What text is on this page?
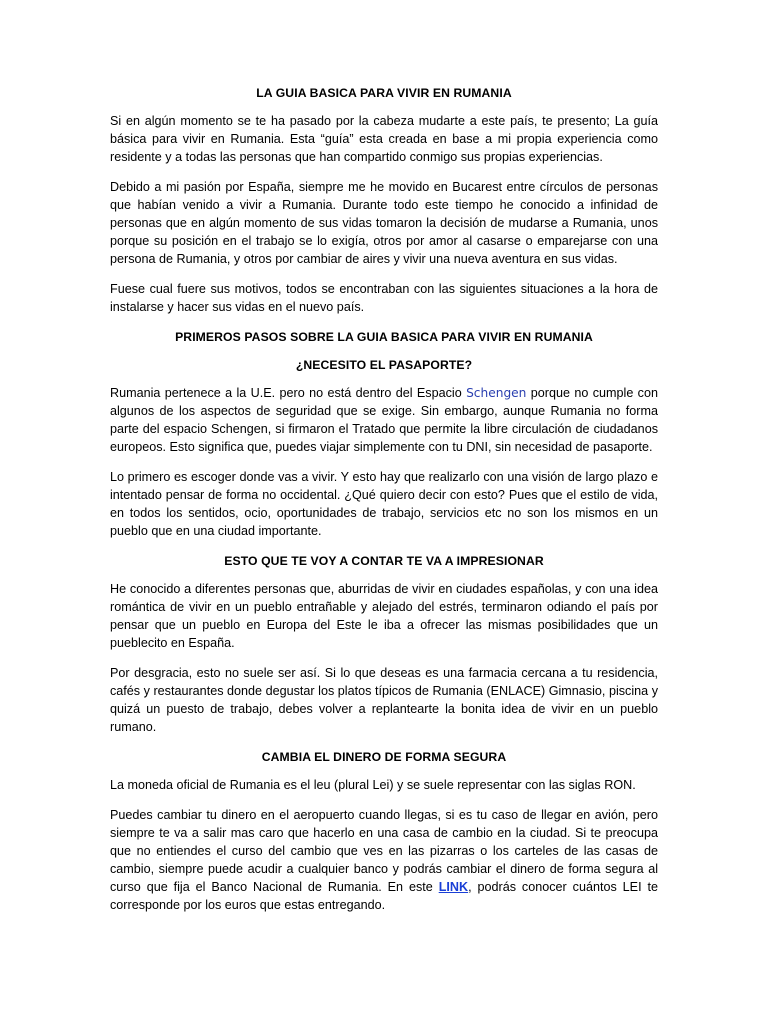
LA GUIA BASICA PARA VIVIR EN RUMANIA

Si en algún momento se te ha pasado por la cabeza mudarte a este país, te presento; La guía básica para vivir en Rumania. Esta “guía” esta creada en base a mi propia experiencia como residente y a todas las personas que han compartido conmigo sus propias experiencias.

Debido a mi pasión por España, siempre me he movido en Bucarest entre círculos de personas que habían venido a vivir a Rumania. Durante todo este tiempo he conocido a infinidad de personas que en algún momento de sus vidas tomaron la decisión de mudarse a Rumania, unos porque su posición en el trabajo se lo exigía, otros por amor al casarse o emparejarse con una persona de Rumania, y otros por cambiar de aires y vivir una nueva aventura en sus vidas.

Fuese cual fuere sus motivos, todos se encontraban con las siguientes situaciones a la hora de instalarse y hacer sus vidas en el nuevo país.

PRIMEROS PASOS SOBRE LA GUIA BASICA PARA VIVIR EN RUMANIA
¿NECESITO EL PASAPORTE?

Rumania pertenece a la U.E. pero no está dentro del Espacio Schengen porque no cumple con algunos de los aspectos de seguridad que se exige. Sin embargo, aunque Rumania no forma parte del espacio Schengen, si firmaron el Tratado que permite la libre circulación de ciudadanos europeos. Esto significa que, puedes viajar simplemente con tu DNI, sin necesidad de pasaporte.

Lo primero es escoger donde vas a vivir. Y esto hay que realizarlo con una visión de largo plazo e intentado pensar de forma no occidental. ¿Qué quiero decir con esto? Pues que el estilo de vida, en todos los sentidos, ocio, oportunidades de trabajo, servicios etc no son los mismos en un pueblo que en una ciudad importante.

ESTO QUE TE VOY A CONTAR TE VA A IMPRESIONAR

He conocido a diferentes personas que, aburridas de vivir en ciudades españolas, y con una idea romántica de vivir en un pueblo entrañable y alejado del estrés, terminaron odiando el país por pensar que un pueblo en Europa del Este le iba a ofrecer las mismas posibilidades que un pueblecito en España.

Por desgracia, esto no suele ser así. Si lo que deseas es una farmacia cercana a tu residencia, cafés y restaurantes donde degustar los platos típicos de Rumania (ENLACE) Gimnasio, piscina y quizá un puesto de trabajo, debes volver a replantearte la bonita idea de vivir en un pueblo rumano.

CAMBIA EL DINERO DE FORMA SEGURA

La moneda oficial de Rumania es el leu (plural Lei) y se suele representar con las siglas RON.

Puedes cambiar tu dinero en el aeropuerto cuando llegas, si es tu caso de llegar en avión, pero siempre te va a salir mas caro que hacerlo en una casa de cambio en la ciudad. Si te preocupa que no entiendes el curso del cambio que ves en las pizarras o los carteles de las casas de cambio, siempre puede acudir a cualquier banco y podrás cambiar el dinero de forma segura al curso que fija el Banco Nacional de Rumania. En este LINK, podrás conocer cuántos LEI te corresponde por los euros que estas entregando.
